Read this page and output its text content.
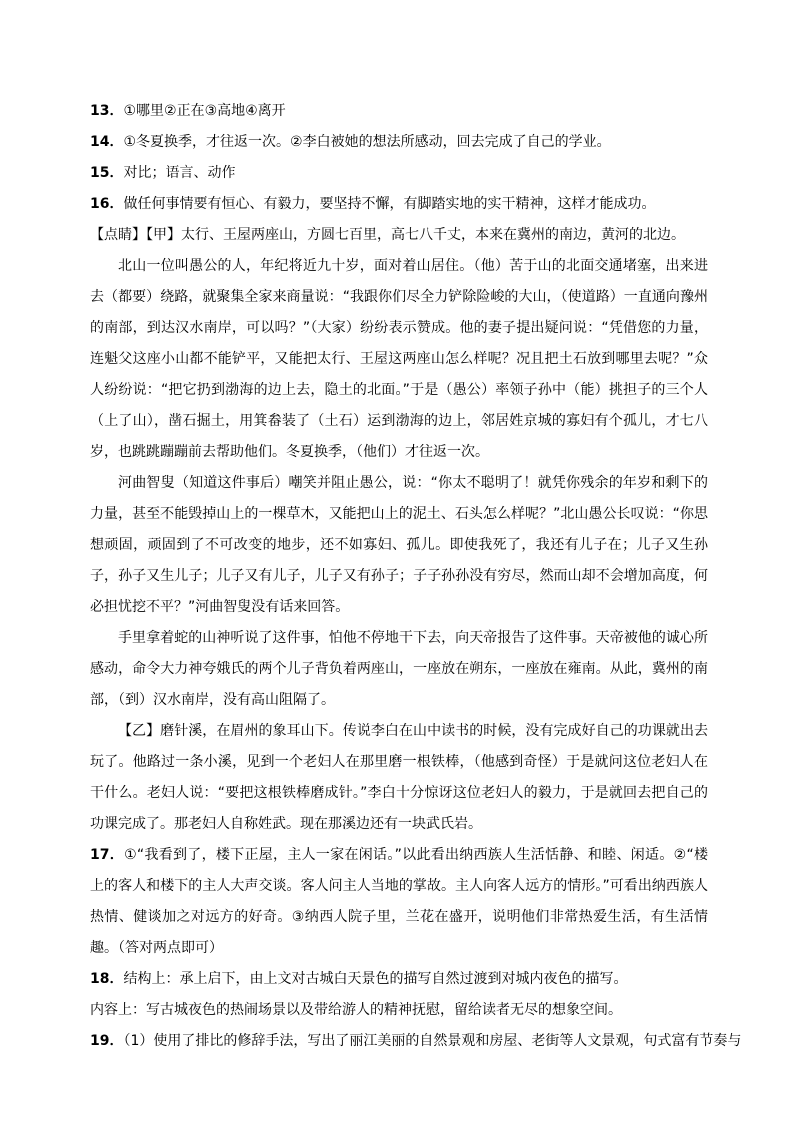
13．①哪里②正在③高地④离开

14．①冬夏换季，才往返一次。②李白被她的想法所感动，回去完成了自己的学业。

15．对比；语言、动作

16．做任何事情要有恒心、有毅力，要坚持不懈，有脚踏实地的实干精神，这样才能成功。

【点睛】【甲】太行、王屋两座山，方圆七百里，高七八千丈，本来在冀州的南边，黄河的北边。

北山一位叫愚公的人，年纪将近九十岁，面对着山居住。（他）苦于山的北面交通堵塞，出来进去（都要）绕路，就聚集全家来商量说：“我跟你们尽全力铲除险峻的大山，（使道路）一直通向豫州的南部，到达汉水南岸，可以吗？”（大家）纷纷表示赞成。他的妻子提出疑问说：“凭借您的力量，连魁父这座小山都不能铲平，又能把太行、王屋这两座山怎么样呢？况且把土石放到哪里去呢？”众人纷纷说：“把它扔到渤海的边上去，隐土的北面。”于是（愚公）率领子孙中（能）挑担子的三个人（上了山），凿石掘土，用箕畚装了（土石）运到渤海的边上，邻居姓京城的寡妇有个孤儿，才七八岁，也跳跳蹦蹦前去帮助他们。冬夏换季，（他们）才往返一次。

河曲智叟（知道这件事后）嘲笑并阻止愚公，说：“你太不聪明了！就凭你残余的年岁和剩下的力量，甚至不能毁掉山上的一棵草木，又能把山上的泥土、石头怎么样呢？”北山愚公长叹说：“你思想顽固，顽固到了不可改变的地步，还不如寡妇、孤儿。即使我死了，我还有儿子在；儿子又生孙子，孙子又生儿子；儿子又有儿子，儿子又有孙子；子子孙孙没有穷尽，然而山却不会增加高度，何必担忧挖不平？”河曲智叟没有话来回答。

手里拿着蛇的山神听说了这件事，怕他不停地干下去，向天帝报告了这件事。天帝被他的诚心所感动，命令大力神夸娥氏的两个儿子背负着两座山，一座放在朔东，一座放在雍南。从此，冀州的南部，（到）汉水南岸，没有高山阻隔了。

【乙】磨针溪，在眉州的象耳山下。传说李白在山中读书的时候，没有完成好自己的功课就出去玩了。他路过一条小溪，见到一个老妇人在那里磨一根铁棒，（他感到奇怪）于是就问这位老妇人在干什么。老妇人说：“要把这根铁棒磨成针。”李白十分惊讶这位老妇人的毅力，于是就回去把自己的功课完成了。那老妇人自称姓武。现在那溪边还有一块武氏岩。

17．①“我看到了，楼下正屋，主人一家在闲话。”以此看出纳西族人生活恬静、和睦、闲适。②“楼上的客人和楼下的主人大声交谈。客人问主人当地的掌故。主人向客人远方的情形。”可看出纳西族人热情、健谈加之对远方的好奇。③纳西人院子里，兰花在盛开，说明他们非常热爱生活，有生活情趣。（答对两点即可）

18．结构上：承上启下，由上文对古城白天景色的描写自然过渡到对城内夜色的描写。

内容上：写古城夜色的热闹场景以及带给游人的精神抚慰，留给读者无尽的想象空间。

19．（1）使用了排比的修辞手法，写出了丽江美丽的自然景观和房屋、老街等人文景观，句式富有节奏与
